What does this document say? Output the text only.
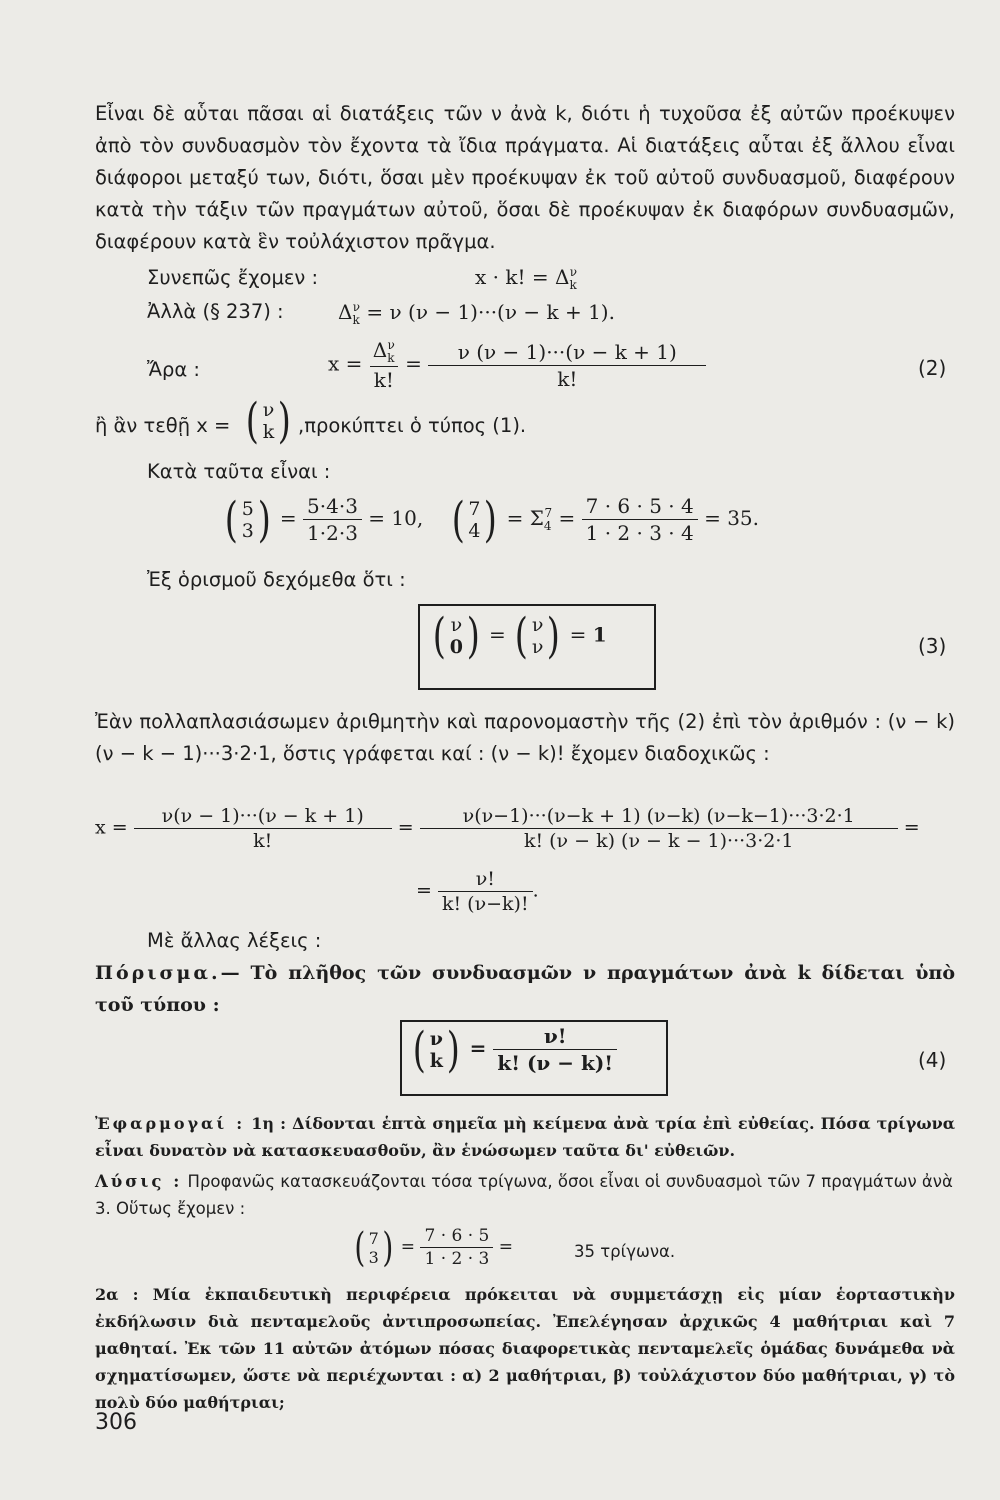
Εἶναι δὲ αὗται πᾶσαι αἱ διατάξεις τῶν ν ἀνὰ k, διότι ἡ τυχοῦσα ἐξ αὐτῶν προέκυψεν ἀπὸ τὸν συνδυασμὸν τὸν ἔχοντα τὰ ἴδια πράγματα. Αἱ διατάξεις αὗται ἐξ ἄλλου εἶναι διάφοροι μεταξύ των, διότι, ὅσαι μὲν προέκυψαν ἐκ τοῦ αὐτοῦ συνδυασμοῦ, διαφέρουν κατὰ τὴν τάξιν τῶν πραγμάτων αὐτοῦ, ὅσαι δὲ προέκυψαν ἐκ διαφόρων συνδυασμῶν, διαφέρουν κατὰ ἓν τοὐλάχιστον πρᾶγμα.
Συνεπῶς ἔχομεν :	x · k! = $\Delta_k^\nu$
Ἀλλὰ (§ 237) :	$\Delta_k^\nu = \nu$ (ν − 1)···(ν − k + 1).
Ἄρα :	$x = \frac{\Delta_k^\nu}{k!} = \frac{\nu (\nu - 1)\cdot\cdot\cdot(\nu - k + 1)}{k!}$	(2)
ἢ ἂν τεθῇ x = ( ν
k ) ,προκύπτει ὁ τύπος (1).
Κατὰ ταῦτα εἶναι :
( 5
3 ) = $\frac{5\cdot 4\cdot 3}{1\cdot 2\cdot 3} = 10$, ( 7
4 ) = $\Sigma_4^7 = \frac{7 \cdot 6 \cdot 5 \cdot 4}{1 \cdot 2 \cdot 3 \cdot 4} = 35$.
Ἐξ ὁρισμοῦ δεχόμεθα ὅτι :
( ν
0 ) = ( ν
ν ) = 1	(3)
Ἐὰν πολλαπλασιάσωμεν ἀριθμητὴν καὶ παρονομαστὴν τῆς (2) ἐπὶ τὸν ἀριθμόν : (ν − k) (ν − k − 1)···3·2·1, ὅστις γράφεται καί : (ν − k)! ἔχομεν διαδοχικῶς :
$x = \frac{\nu(\nu - 1)\cdot\cdot\cdot(\nu - k + 1)}{k!} = \frac{\nu(\nu-1)\cdot\cdot\cdot(\nu-k + 1) (\nu-k) (\nu-k-1)\cdot\cdot\cdot 3\cdot 2\cdot 1}{k! (\nu - k) (\nu - k - 1)\cdot\cdot\cdot 3\cdot 2\cdot 1}$ =
= $\frac{\nu!}{k! (\nu-k)!}$ .
Μὲ ἄλλας λέξεις :
Πόρισμα.— Τὸ πλῆθος τῶν συνδυασμῶν ν πραγμάτων ἀνὰ k δίδεται ὑπὸ τοῦ τύπου :
( ν
k ) = $\frac{\nu!}{k! (\nu - k)!}$	(4)
Ἐφαρμογαί : 1η : Δίδονται ἑπτὰ σημεῖα μὴ κείμενα ἀνὰ τρία ἐπὶ εὐθείας. Πόσα τρίγωνα εἶναι δυνατὸν νὰ κατασκευασθοῦν, ἂν ἑνώσωμεν ταῦτα δι' εὐθειῶν.
Λύσις : Προφανῶς κατασκευάζονται τόσα τρίγωνα, ὅσοι εἶναι οἱ συνδυασμοὶ τῶν 7 πραγμάτων ἀνὰ 3. Οὕτως ἔχομεν :
( 7
3 ) = $\frac{7 \cdot 6 \cdot 5}{1 \cdot 2 \cdot 3}$ =	35 τρίγωνα.
2α : Μία ἐκπαιδευτικὴ περιφέρεια πρόκειται νὰ συμμετάσχῃ εἰς μίαν ἑορταστικὴν ἐκδήλωσιν διὰ πενταμελοῦς ἀντιπροσωπείας. Ἐπελέγησαν ἀρχικῶς 4 μαθήτριαι καὶ 7 μαθηταί. Ἐκ τῶν 11 αὐτῶν ἀτόμων πόσας διαφορετικὰς πενταμελεῖς ὁμάδας δυνάμεθα νὰ σχηματίσωμεν, ὥστε νὰ περιέχωνται : α) 2 μαθήτριαι, β) τοὐλάχιστον δύο μαθήτριαι, γ) τὸ πολὺ δύο μαθήτριαι;
306
